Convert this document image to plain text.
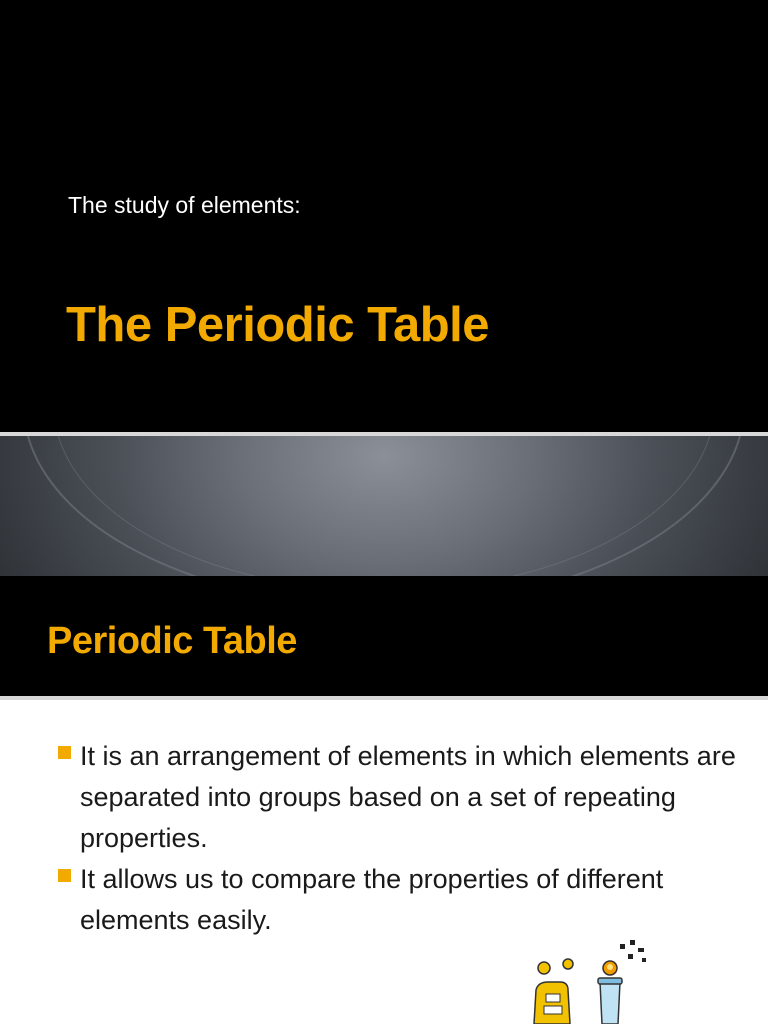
The study of elements:
The Periodic Table
Periodic Table
It is an arrangement of elements in which elements are separated into groups based on a set of repeating properties.
It allows us to compare the properties of different elements easily.
